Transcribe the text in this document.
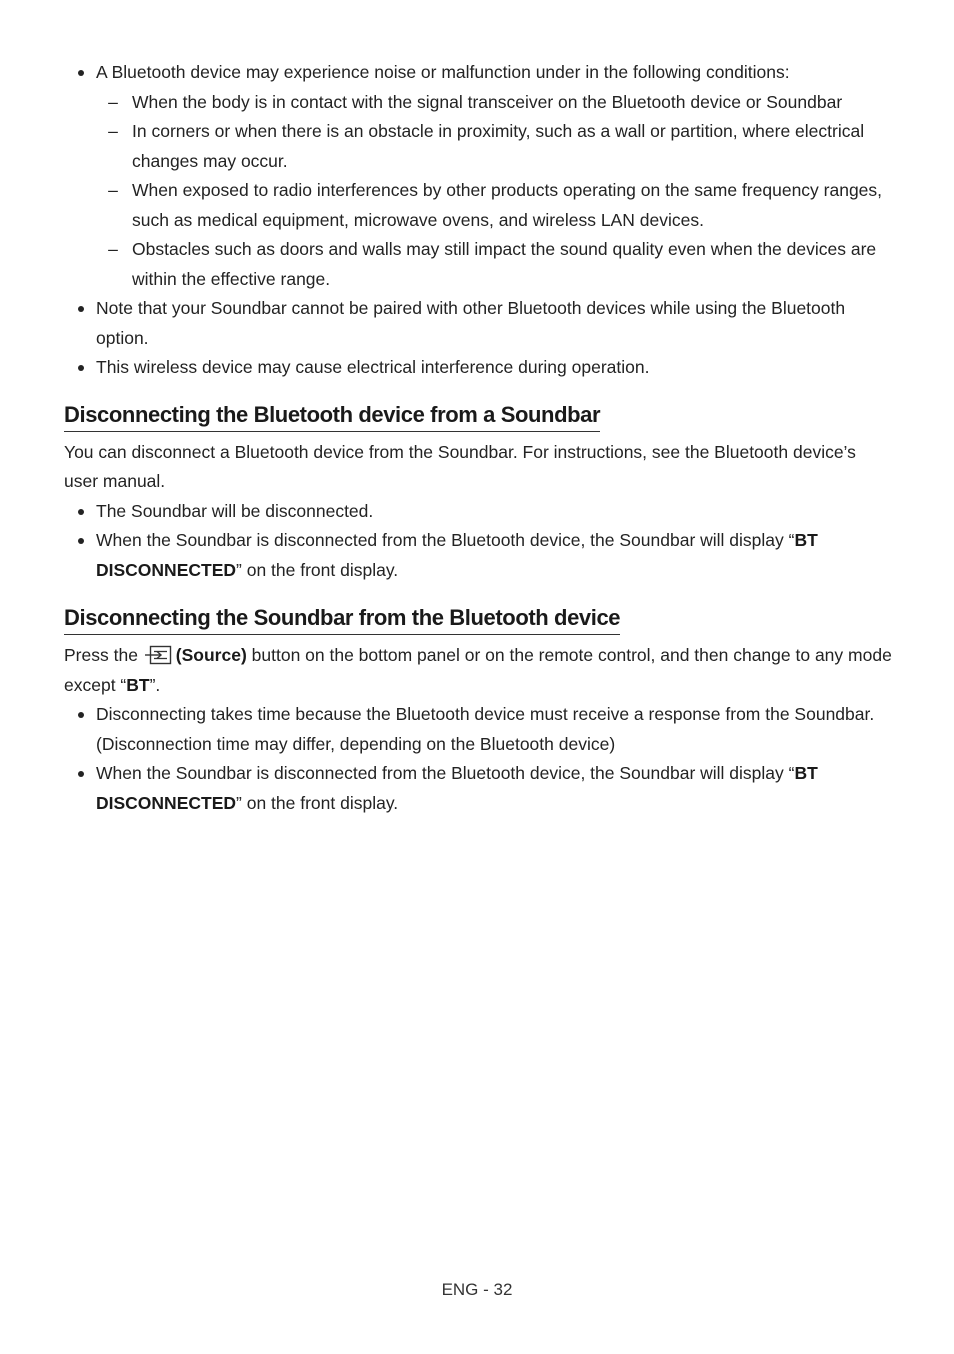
A Bluetooth device may experience noise or malfunction under in the following conditions:
– When the body is in contact with the signal transceiver on the Bluetooth device or Soundbar
– In corners or when there is an obstacle in proximity, such as a wall or partition, where electrical changes may occur.
– When exposed to radio interferences by other products operating on the same frequency ranges, such as medical equipment, microwave ovens, and wireless LAN devices.
– Obstacles such as doors and walls may still impact the sound quality even when the devices are within the effective range.
Note that your Soundbar cannot be paired with other Bluetooth devices while using the Bluetooth option.
This wireless device may cause electrical interference during operation.
Disconnecting the Bluetooth device from a Soundbar

You can disconnect a Bluetooth device from the Soundbar. For instructions, see the Bluetooth device’s user manual.

The Soundbar will be disconnected.
When the Soundbar is disconnected from the Bluetooth device, the Soundbar will display “BT DISCONNECTED” on the front display.
Disconnecting the Soundbar from the Bluetooth device

Press the (Source) button on the bottom panel or on the remote control, and then change to any mode except “BT”.

Disconnecting takes time because the Bluetooth device must receive a response from the Soundbar. (Disconnection time may differ, depending on the Bluetooth device)
When the Soundbar is disconnected from the Bluetooth device, the Soundbar will display “BT DISCONNECTED” on the front display.
ENG - 32
